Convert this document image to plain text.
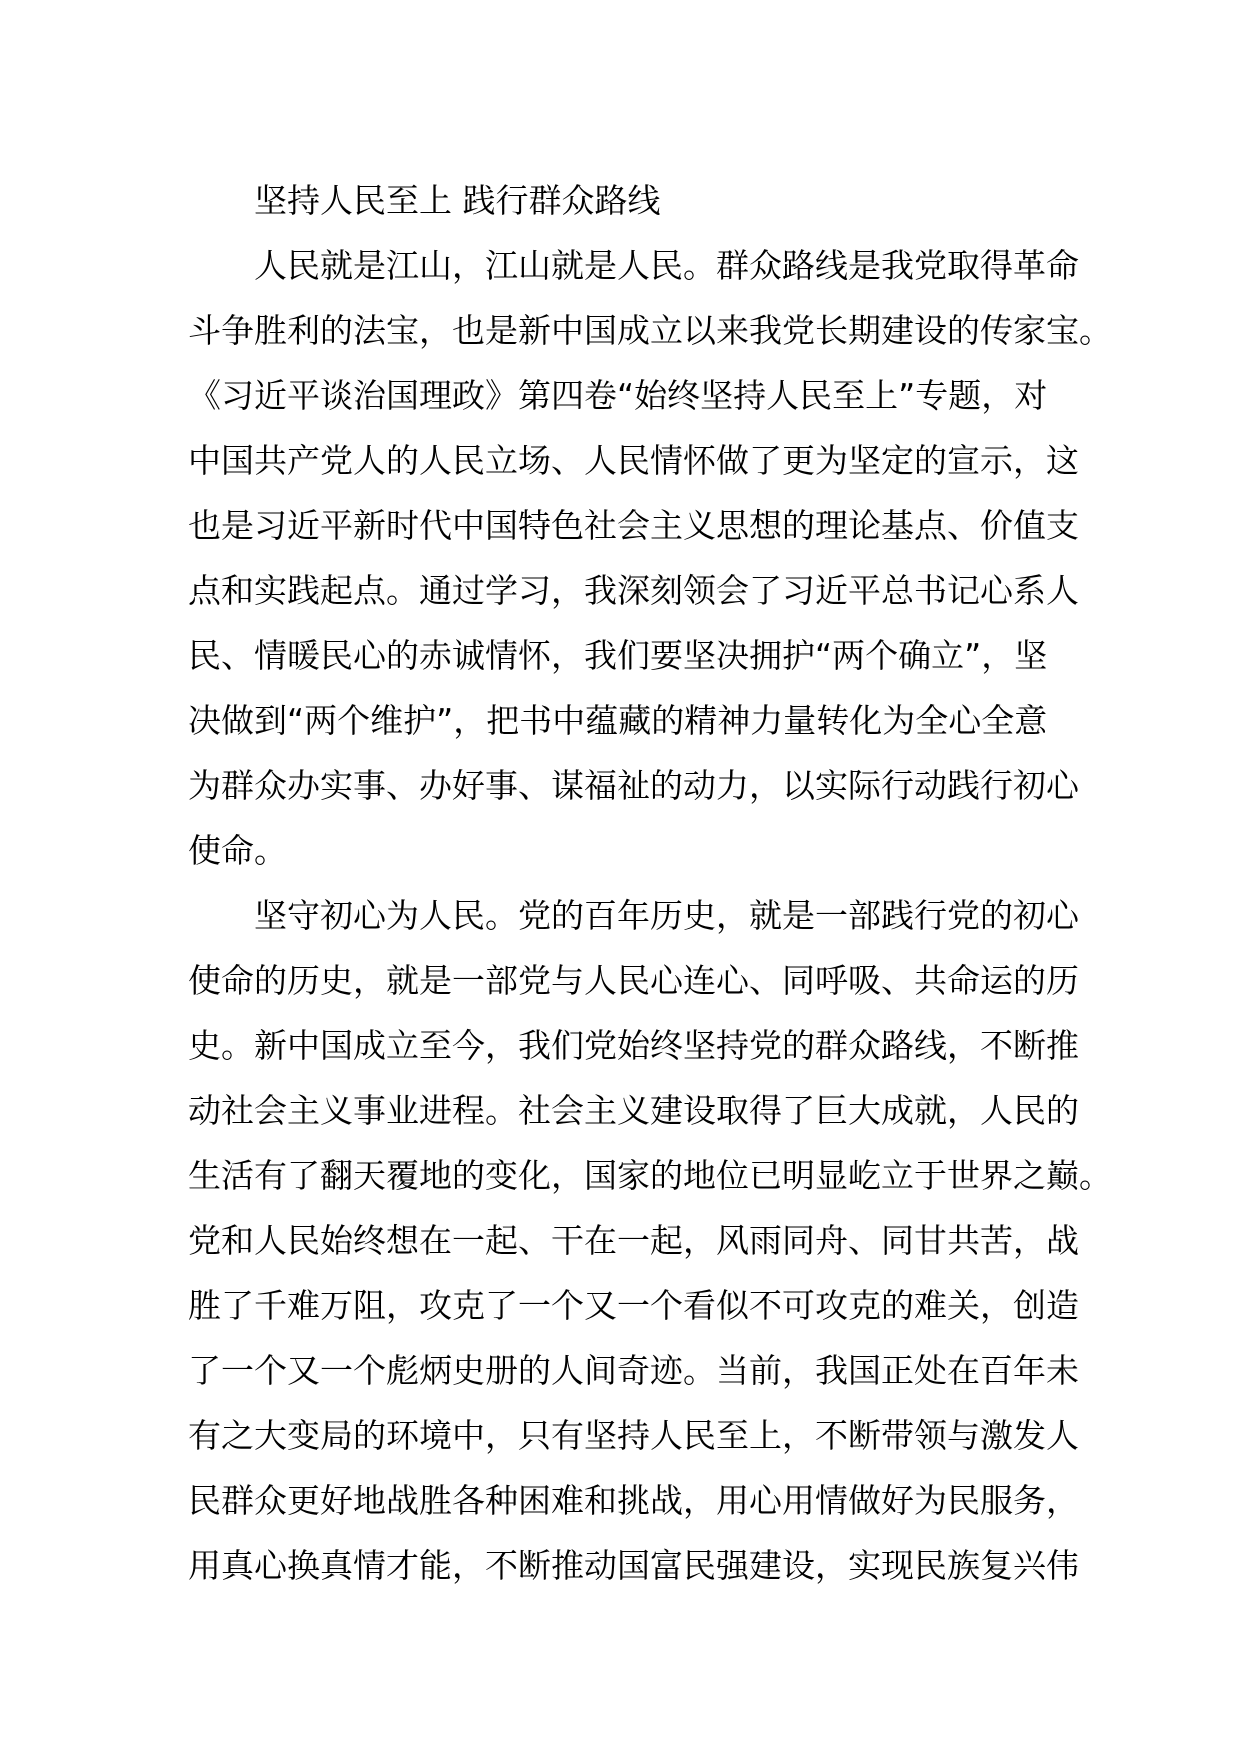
坚持人民至上 践行群众路线
人民就是江山，江山就是人民。群众路线是我党取得革命
斗争胜利的法宝，也是新中国成立以来我党长期建设的传家宝。
《习近平谈治国理政》第四卷“始终坚持人民至上”专题，对
中国共产党人的人民立场、人民情怀做了更为坚定的宣示，这
也是习近平新时代中国特色社会主义思想的理论基点、价值支
点和实践起点。通过学习，我深刻领会了习近平总书记心系人
民、情暖民心的赤诚情怀，我们要坚决拥护“两个确立”，坚
决做到“两个维护”，把书中蕴藏的精神力量转化为全心全意
为群众办实事、办好事、谋福祉的动力，以实际行动践行初心
使命。
坚守初心为人民。党的百年历史，就是一部践行党的初心
使命的历史，就是一部党与人民心连心、同呼吸、共命运的历
史。新中国成立至今，我们党始终坚持党的群众路线，不断推
动社会主义事业进程。社会主义建设取得了巨大成就，人民的
生活有了翻天覆地的变化，国家的地位已明显屹立于世界之巅。
党和人民始终想在一起、干在一起，风雨同舟、同甘共苦，战
胜了千难万阻，攻克了一个又一个看似不可攻克的难关，创造
了一个又一个彪炳史册的人间奇迹。当前，我国正处在百年未
有之大变局的环境中，只有坚持人民至上，不断带领与激发人
民群众更好地战胜各种困难和挑战，用心用情做好为民服务，
用真心换真情才能，不断推动国富民强建设，实现民族复兴伟
